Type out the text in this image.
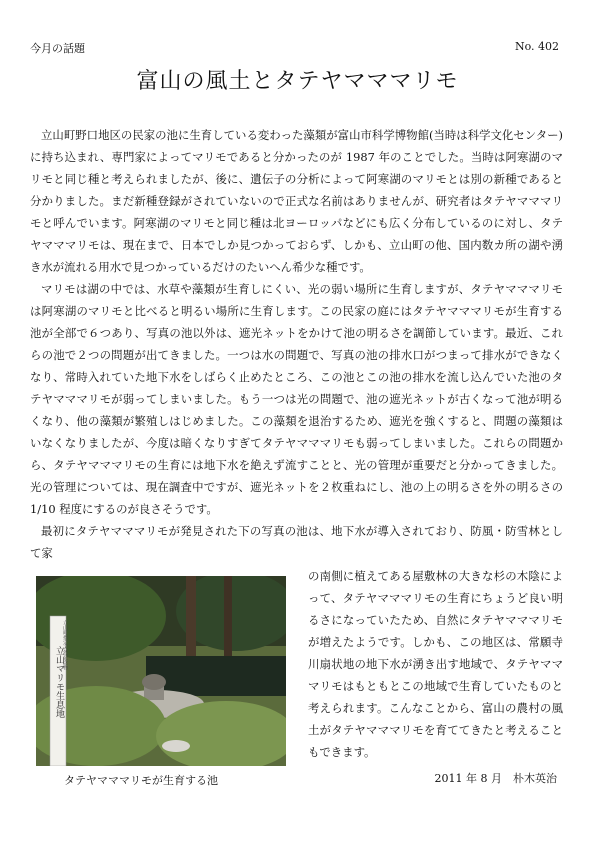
今月の話題	No. 402
富山の風土とタテヤマママリモ

立山町野口地区の民家の池に生育している変わった藻類が富山市科学博物館(当時は科学文化センター)に持ち込まれ、専門家によってマリモであると分かったのが 1987 年のことでした。当時は阿寒湖のマリモと同じ種と考えられましたが、後に、遺伝子の分析によって阿寒湖のマリモとは別の新種であると分かりました。まだ新種登録がされていないので正式な名前はありませんが、研究者はタテヤマママリモと呼んでいます。阿寒湖のマリモと同じ種は北ヨーロッパなどにも広く分布しているのに対し、タテヤマママリモは、現在まで、日本でしか見つかっておらず、しかも、立山町の他、国内数カ所の湖や湧き水が流れる用水で見つかっているだけのたいへん希少な種です。

マリモは湖の中では、水草や藻類が生育しにくい、光の弱い場所に生育しますが、タテヤマママリモは阿寒湖のマリモと比べると明るい場所に生育します。この民家の庭にはタテヤマママリモが生育する池が全部で６つあり、写真の池以外は、遮光ネットをかけて池の明るさを調節しています。最近、これらの池で２つの問題が出てきました。一つは水の問題で、写真の池の排水口がつまって排水ができなくなり、常時入れていた地下水をしばらく止めたところ、この池とこの池の排水を流し込んでいた池のタテヤマママリモが弱ってしまいました。もう一つは光の問題で、池の遮光ネットが古くなって池が明るくなり、他の藻類が繁殖しはじめました。この藻類を退治するため、遮光を強くすると、問題の藻類はいなくなりましたが、今度は暗くなりすぎてタテヤマママリモも弱ってしまいました。これらの問題から、タテヤマママリモの生育には地下水を絶えず流すことと、光の管理が重要だと分かってきました。光の管理については、現在調査中ですが、遮光ネットを２枚重ねにし、池の上の明るさを外の明るさの 1/10 程度にするのが良さそうです。

最初にタテヤマママリモが発見された下の写真の池は、地下水が導入されており、防風・防雪林として家

立山マリモ生息地
立山町指定天然記念物
の南側に植えてある屋敷林の大きな杉の木陰によって、タテヤマママリモの生育にちょうど良い明るさになっていたため、自然にタテヤマママリモが増えたようです。しかも、この地区は、常願寺川扇状地の地下水が湧き出す地域で、タテヤマママリモはもともとこの地域で生育していたものと考えられます。こんなことから、富山の農村の風土がタテヤマママリモを育ててきたと考えることもできます。
タテヤマママリモが生育する池	2011 年 8 月　朴木英治
